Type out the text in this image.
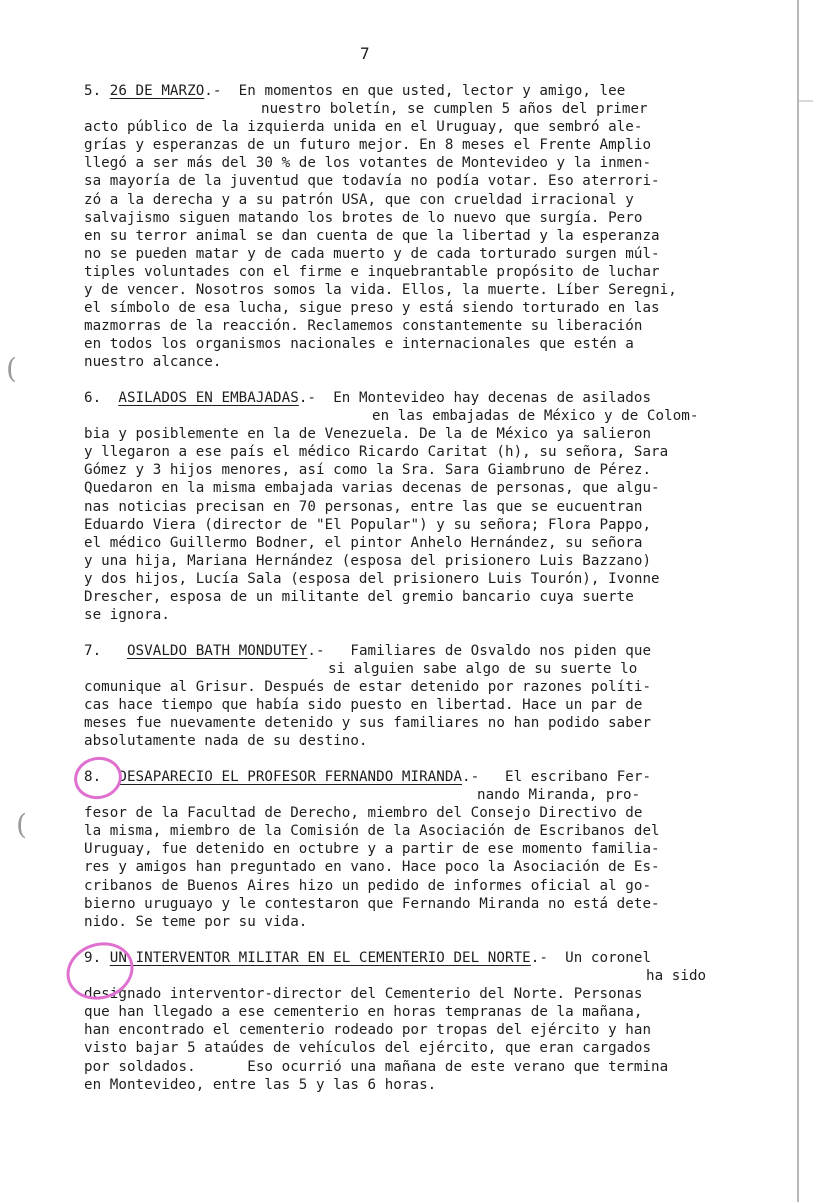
7
5. 26 DE MARZO.- En momentos en que usted, lector y amigo, lee
nuestro boletín, se cumplen 5 años del primer
acto público de la izquierda unida en el Uruguay, que sembró ale-
grías y esperanzas de un futuro mejor. En 8 meses el Frente Amplio
llegó a ser más del 30 % de los votantes de Montevideo y la inmen-
sa mayoría de la juventud que todavía no podía votar. Eso aterrori-
zó a la derecha y a su patrón USA, que con crueldad irracional y
salvajismo siguen matando los brotes de lo nuevo que surgía. Pero
en su terror animal se dan cuenta de que la libertad y la esperanza
no se pueden matar y de cada muerto y de cada torturado surgen múl-
tiples voluntades con el firme e inquebrantable propósito de luchar
y de vencer. Nosotros somos la vida. Ellos, la muerte. Líber Seregni,
el símbolo de esa lucha, sigue preso y está siendo torturado en las
mazmorras de la reacción. Reclamemos constantemente su liberación
en todos los organismos nacionales e internacionales que estén a
nuestro alcance.
6. ASILADOS EN EMBAJADAS.- En Montevideo hay decenas de asilados
en las embajadas de México y de Colom-
bia y posiblemente en la de Venezuela. De la de México ya salieron
y llegaron a ese país el médico Ricardo Caritat (h), su señora, Sara
Gómez y 3 hijos menores, así como la Sra. Sara Giambruno de Pérez.
Quedaron en la misma embajada varias decenas de personas, que algu-
nas noticias precisan en 70 personas, entre las que se eucuentran
Eduardo Viera (director de "El Popular") y su señora; Flora Pappo,
el médico Guillermo Bodner, el pintor Anhelo Hernández, su señora
y una hija, Mariana Hernández (esposa del prisionero Luis Bazzano)
y dos hijos, Lucía Sala (esposa del prisionero Luis Tourón), Ivonne
Drescher, esposa de un militante del gremio bancario cuya suerte
se ignora.
7. OSVALDO BATH MONDUTEY.- Familiares de Osvaldo nos piden que
si alguien sabe algo de su suerte lo
comunique al Grisur. Después de estar detenido por razones políti-
cas hace tiempo que había sido puesto en libertad. Hace un par de
meses fue nuevamente detenido y sus familiares no han podido saber
absolutamente nada de su destino.
8. DESAPARECIO EL PROFESOR FERNANDO MIRANDA.- El escribano Fer-
nando Miranda, pro-
fesor de la Facultad de Derecho, miembro del Consejo Directivo de
la misma, miembro de la Comisión de la Asociación de Escribanos del
Uruguay, fue detenido en octubre y a partir de ese momento familia-
res y amigos han preguntado en vano. Hace poco la Asociación de Es-
cribanos de Buenos Aires hizo un pedido de informes oficial al go-
bierno uruguayo y le contestaron que Fernando Miranda no está dete-
nido. Se teme por su vida.
9. UN INTERVENTOR MILITAR EN EL CEMENTERIO DEL NORTE.- Un coronel
ha sido
designado interventor-director del Cementerio del Norte. Personas
que han llegado a ese cementerio en horas tempranas de la mañana,
han encontrado el cementerio rodeado por tropas del ejército y han
visto bajar 5 ataúdes de vehículos del ejército, que eran cargados
por soldados.      Eso ocurrió una mañana de este verano que termina
en Montevideo, entre las 5 y las 6 horas.
(
(
